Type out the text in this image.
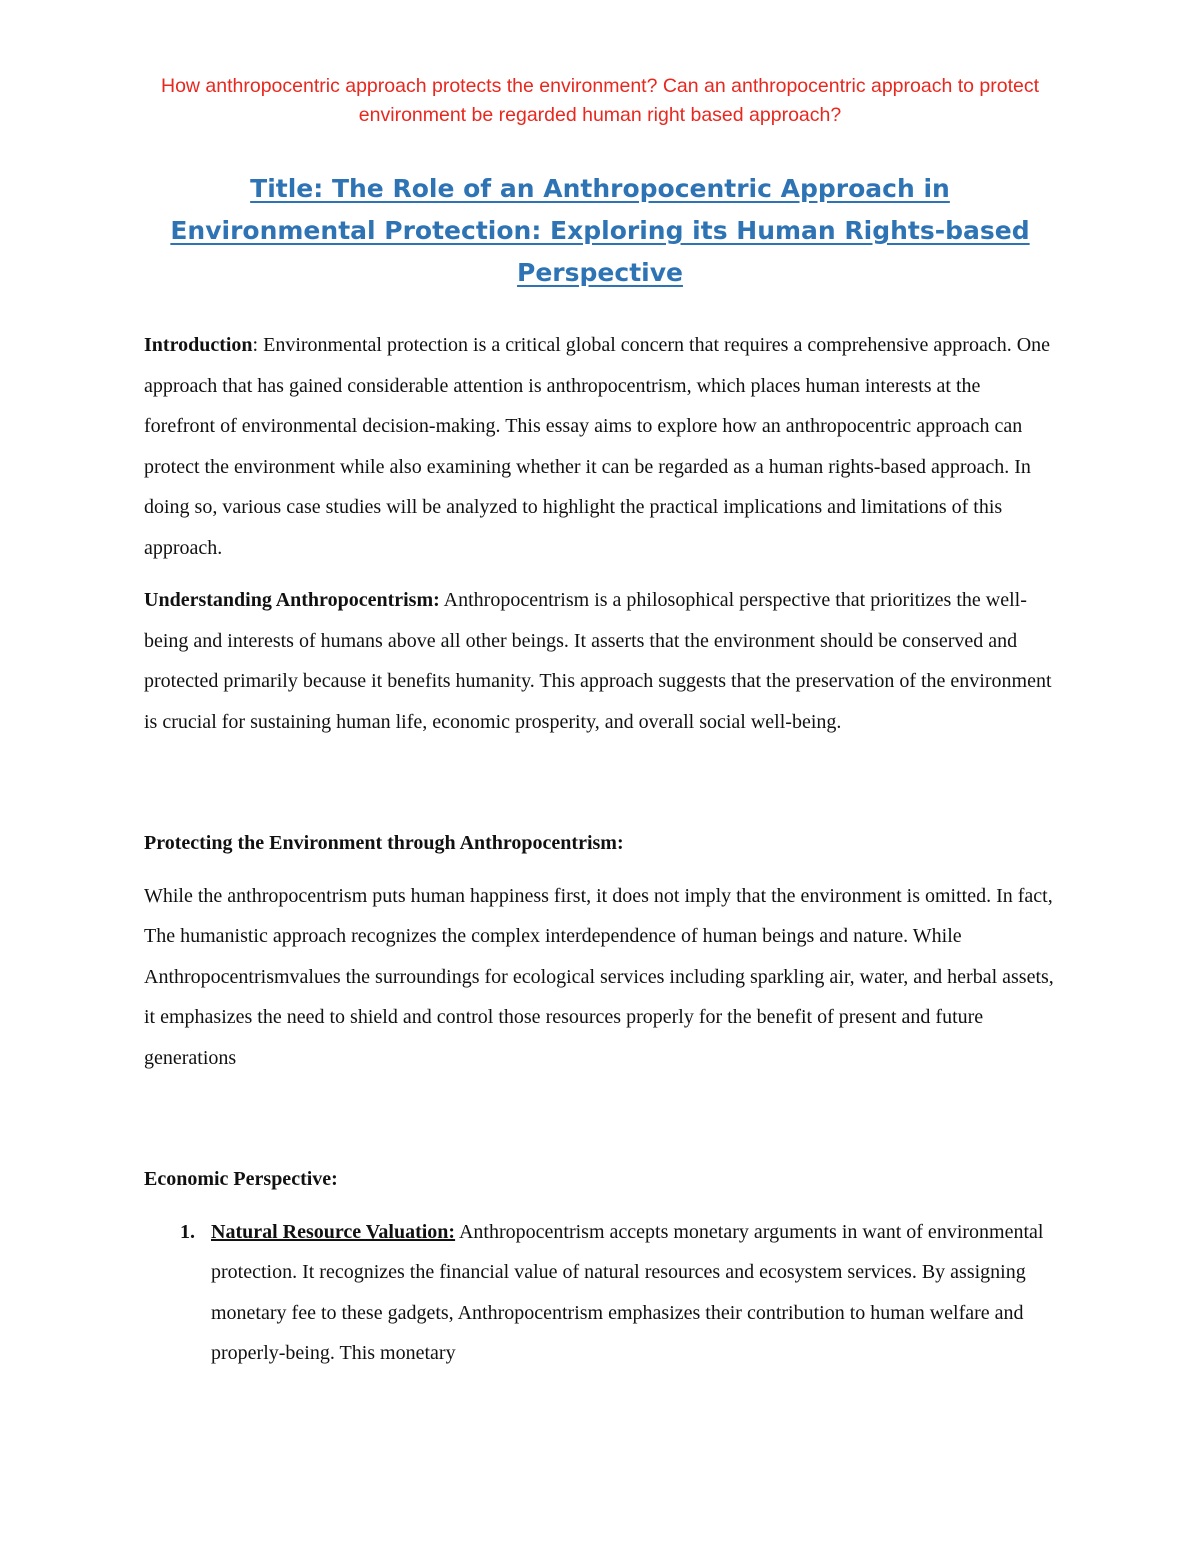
How anthropocentric approach protects the environment? Can an anthropocentric approach to protect environment be regarded human right based approach?

Title: The Role of an Anthropocentric Approach in Environmental Protection: Exploring its Human Rights-based Perspective

Introduction: Environmental protection is a critical global concern that requires a comprehensive approach. One approach that has gained considerable attention is anthropocentrism, which places human interests at the forefront of environmental decision-making. This essay aims to explore how an anthropocentric approach can protect the environment while also examining whether it can be regarded as a human rights-based approach. In doing so, various case studies will be analyzed to highlight the practical implications and limitations of this approach.

Understanding Anthropocentrism: Anthropocentrism is a philosophical perspective that prioritizes the well-being and interests of humans above all other beings. It asserts that the environment should be conserved and protected primarily because it benefits humanity. This approach suggests that the preservation of the environment is crucial for sustaining human life, economic prosperity, and overall social well-being.

Protecting the Environment through Anthropocentrism:

While the anthropocentrism puts human happiness first, it does not imply that the environment is omitted. In fact, The humanistic approach recognizes the complex interdependence of human beings and nature. While Anthropocentrismvalues the surroundings for ecological services including sparkling air, water, and herbal assets, it emphasizes the need to shield and control those resources properly for the benefit of present and future generations

Economic Perspective:
1. Natural Resource Valuation: Anthropocentrism accepts monetary arguments in want of environmental protection. It recognizes the financial value of natural resources and ecosystem services. By assigning monetary fee to these gadgets, Anthropocentrism emphasizes their contribution to human welfare and properly-being. This monetary
